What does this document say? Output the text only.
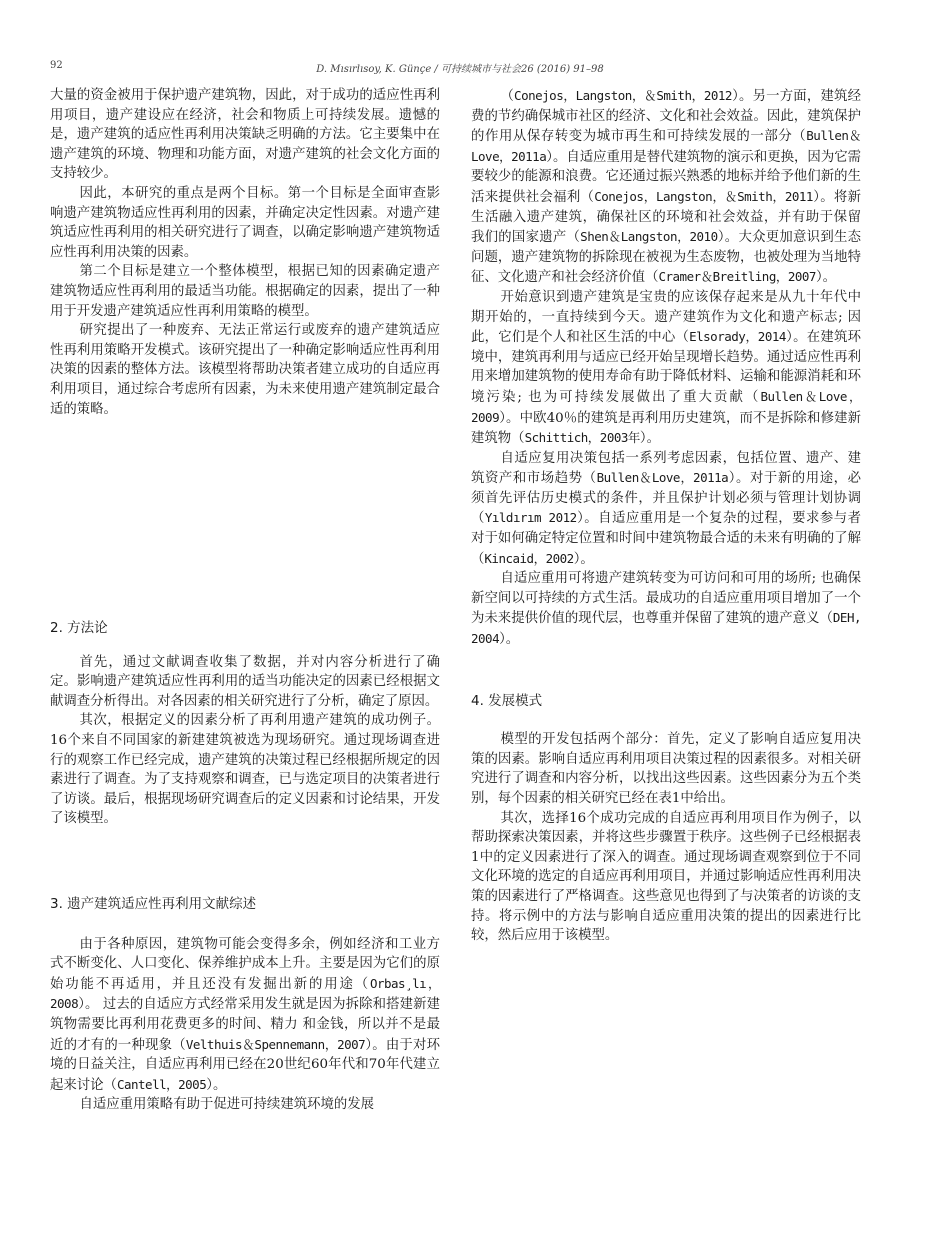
92	D. Mısırlısoy, K. Günçe / 可持续城市与社会26 (2016) 91–98

大量的资金被用于保护遗产建筑物，因此，对于成功的适应性再利用项目，遗产建设应在经济，社会和物质上可持续发展。遗憾的是，遗产建筑的适应性再利用决策缺乏明确的方法。它主要集中在遗产建筑的环境、物理和功能方面，对遗产建筑的社会文化方面的支持较少。

因此，本研究的重点是两个目标。第一个目标是全面审查影响遗产建筑物适应性再利用的因素，并确定决定性因素。对遗产建筑适应性再利用的相关研究进行了调查，以确定影响遗产建筑物适应性再利用决策的因素。

第二个目标是建立一个整体模型，根据已知的因素确定遗产建筑物适应性再利用的最适当功能。根据确定的因素，提出了一种用于开发遗产建筑适应性再利用策略的模型。

研究提出了一种废弃、无法正常运行或废弃的遗产建筑适应性再利用策略开发模式。该研究提出了一种确定影响适应性再利用决策的因素的整体方法。该模型将帮助决策者建立成功的自适应再利用项目，通过综合考虑所有因素，为未来使用遗产建筑制定最合适的策略。

2. 方法论

首先，通过文献调查收集了数据，并对内容分析进行了确定。影响遗产建筑适应性再利用的适当功能决定的因素已经根据文献调查分析得出。对各因素的相关研究进行了分析，确定了原因。

其次，根据定义的因素分析了再利用遗产建筑的成功例子。16个来自不同国家的新建建筑被选为现场研究。通过现场调查进行的观察工作已经完成，遗产建筑的决策过程已经根据所规定的因素进行了调查。为了支持观察和调查，已与选定项目的决策者进行了访谈。最后，根据现场研究调查后的定义因素和讨论结果，开发了该模型。

3. 遗产建筑适应性再利用文献综述

由于各种原因，建筑物可能会变得多余，例如经济和工业方式不断变化、人口变化、保养维护成本上升。主要是因为它们的原始功能不再适用，并且还没有发掘出新的用途（Orbas¸lı，2008）。 过去的自适应方式经常采用发生就是因为拆除和搭建新建筑物需要比再利用花费更多的时间、精力 和金钱，所以并不是最近的才有的一种现象（Velthuis＆Spennemann，2007）。由于对环境的日益关注，自适应再利用已经在20世纪60年代和70年代建立起来讨论（Cantell，2005）。

自适应重用策略有助于促进可持续建筑环境的发展

（Conejos，Langston，＆Smith，2012）。另一方面，建筑经费的节约确保城市社区的经济、文化和社会效益。因此，建筑保护的作用从保存转变为城市再生和可持续发展的一部分（Bullen＆Love，2011a）。自适应重用是替代建筑物的演示和更换，因为它需要较少的能源和浪费。它还通过振兴熟悉的地标并给予他们新的生活来提供社会福利（Conejos，Langston，＆Smith，2011）。将新生活融入遗产建筑，确保社区的环境和社会效益，并有助于保留 我们的国家遗产（Shen＆Langston，2010）。大众更加意识到生态问题，遗产建筑物的拆除现在被视为生态废物，也被处理为当地特征、文化遗产和社会经济价值（Cramer＆Breitling，2007）。

开始意识到遗产建筑是宝贵的应该保存起来是从九十年代中期开始的，一直持续到今天。遗产建筑作为文化和遗产标志; 因此，它们是个人和社区生活的中心（Elsorady，2014）。在建筑环境中，建筑再利用与适应已经开始呈现增长趋势。通过适应性再利用来增加建筑物的使用寿命有助于降低材料、运输和能源消耗和环境污染; 也为可持续发展做出了重大贡献（Bullen＆Love，2009）。中欧40％的建筑是再利用历史建筑，而不是拆除和修建新建筑物（Schittich，2003年）。

自适应复用决策包括一系列考虑因素，包括位置、遗产、建筑资产和市场趋势（Bullen＆Love，2011a）。对于新的用途，必须首先评估历史模式的条件，并且保护计划必须与管理计划协调（Yıldırım 2012）。自适应重用是一个复杂的过程，要求参与者对于如何确定特定位置和时间中建筑物最合适的未来有明确的了解（Kincaid，2002）。

自适应重用可将遗产建筑转变为可访问和可用的场所; 也确保新空间以可持续的方式生活。最成功的自适应重用项目增加了一个为未来提供价值的现代层，也尊重并保留了建筑的遗产意义（DEH, 2004）。

4. 发展模式

模型的开发包括两个部分：首先，定义了影响自适应复用决策的因素。影响自适应再利用项目决策过程的因素很多。对相关研究进行了调查和内容分析，以找出这些因素。这些因素分为五个类别，每个因素的相关研究已经在表1中给出。

其次，选择16个成功完成的自适应再利用项目作为例子，以帮助探索决策因素，并将这些步骤置于秩序。这些例子已经根据表1中的定义因素进行了深入的调查。通过现场调查观察到位于不同文化环境的选定的自适应再利用项目，并通过影响适应性再利用决策的因素进行了严格调查。这些意见也得到了与决策者的访谈的支持。将示例中的方法与影响自适应重用决策的提出的因素进行比较，然后应用于该模型。
